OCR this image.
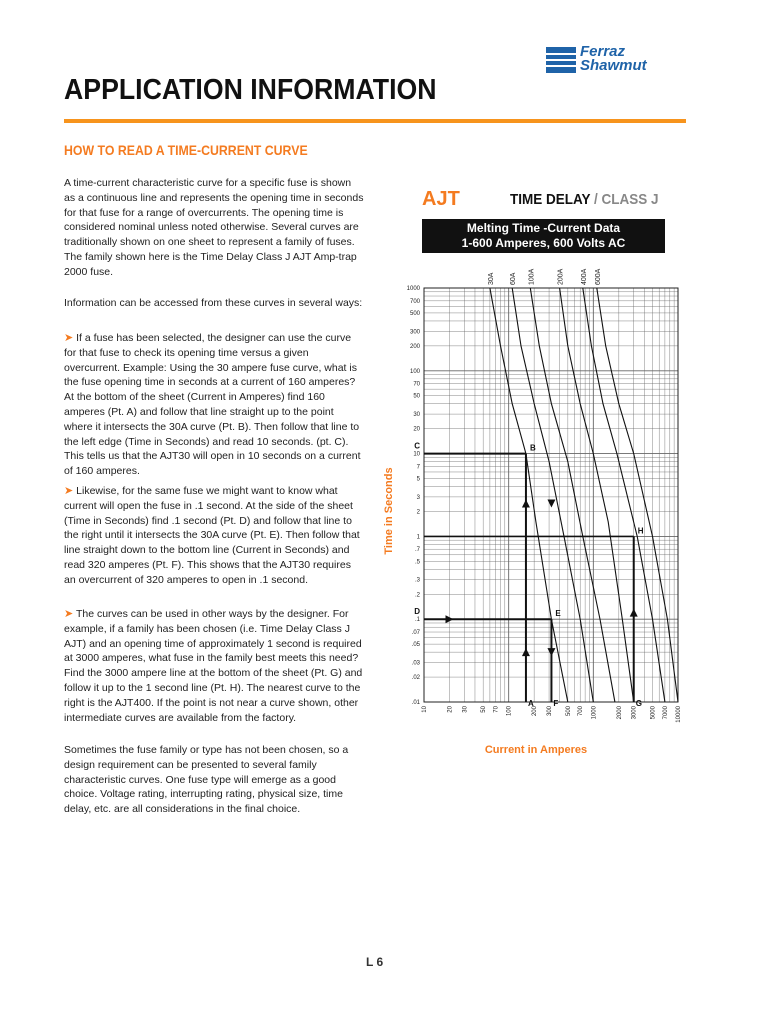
Ferraz
Shawmut
APPLICATION INFORMATION
HOW TO READ A TIME-CURRENT CURVE
A time-current characteristic curve for a specific fuse is shown as a continuous line and represents the opening time in seconds for that fuse for a range of overcurrents. The opening time is considered nominal unless noted otherwise. Several curves are traditionally shown on one sheet to represent a family of fuses. The family shown here is the Time Delay Class J AJT Amp-trap 2000 fuse.
Information can be accessed from these curves in several ways:
➤ If a fuse has been selected, the designer can use the curve for that fuse to check its opening time versus a given overcurrent. Example: Using the 30 ampere fuse curve, what is the fuse opening time in seconds at a current of 160 amperes? At the bottom of the sheet (Current in Amperes) find 160 amperes (Pt. A) and follow that line straight up to the point where it intersects the 30A curve (Pt. B). Then follow that line to the left edge (Time in Seconds) and read 10 seconds. (pt. C). This tells us that the AJT30 will open in 10 seconds on a current of 160 amperes.
➤ Likewise, for the same fuse we might want to know what current will open the fuse in .1 second. At the side of the sheet (Time in Seconds) find .1 second (Pt. D) and follow that line to the right until it intersects the 30A curve (Pt. E). Then follow that line straight down to the bottom line (Current in Seconds) and read 320 amperes (Pt. F). This shows that the AJT30 requires an overcurrent of 320 amperes to open in .1 second.
➤ The curves can be used in other ways by the designer. For example, if a family has been chosen (i.e. Time Delay Class J AJT) and an opening time of approximately 1 second is required at 3000 amperes, what fuse in the family best meets this need? Find the 3000 ampere line at the bottom of the sheet (Pt. G) and follow it up to the 1 second line (Pt. H). The nearest curve to the right is the AJT400. If the point is not near a curve shown, other intermediate curves are available from the factory.
Sometimes the fuse family or type has not been chosen, so a design requirement can be presented to several family characteristic curves. One fuse type will emerge as a good choice. Voltage rating, interrupting rating, physical size, time delay, etc. are all considerations in the final choice.
AJT	TIME DELAY / CLASS J
Melting Time -Current Data
1-600 Amperes, 600 Volts AC
1000
700
500
300
200
100
70
50
30
20
10
7
5
3
2
1
.7
.5
.3
.2
.1
.07
.05
.03
.02
.01
10	20 30 50 70 100	200 300 500 700 1000	2000 3000 5000 7000 10000
30A 60A 100A	200A 400A 600A
A
B
C
D	E
F	G
H
Time in Seconds
Current in Amperes
L 6
